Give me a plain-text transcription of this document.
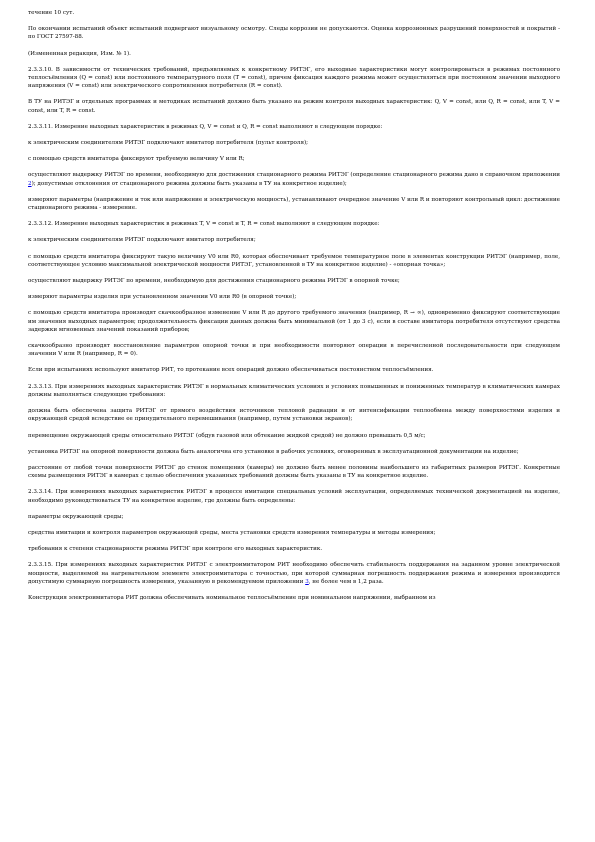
течение 10 сут.

По окончании испытаний объект испытаний подвергают визуальному осмотру. Следы коррозии не допускаются. Оценка коррозионных разрушений поверхностей и покрытий - по ГОСТ 27597-88.

(Измененная редакция, Изм. № 1).

2.3.3.10. В зависимости от технических требований, предъявляемых к конкретному РИТЭГ, его выходные характеристики могут контролироваться в режимах постоянного теплосъёмления (Q = const) или постоянного температурного поля (T = const), причем фиксация каждого режима может осуществляться при постоянном значении выходного напряжения (V = const) или электрического сопротивления потребителя (R = const).

В ТУ на РИТЭГ и отдельных программах и методиках испытаний должно быть указано на режим контроля выходных характеристик: Q, V = const, или Q, R = const, или T, V = const, или T, R = const.

2.3.3.11. Измерение выходных характеристик в режимах Q, V = const и Q, R = const выполняют в следующем порядке:

к электрическим соединителям РИТЭГ подключают имитатор потребителя (пульт контроля);

с помощью средств имитатора фиксируют требуемую величину V или R;

осуществляют выдержку РИТЭГ по времени, необходимую для достижения стационарного режима РИТЭГ (определение стационарного режима дано в справочном приложении 2); допустимые отклонения от стационарного режима должны быть указаны в ТУ на конкретное изделие);

измеряют параметры (напряжение и ток или напряжение и электрическую мощность), устанавливают очередное значение V или R и повторяют контрольный цикл: достижение стационарного режима - измерение.

2.3.3.12. Измерение выходных характеристик в режимах T, V = const и T, R = const выполняют в следующем порядке:

к электрическим соединителям РИТЭГ подключают имитатор потребителя;

с помощью средств имитатора фиксируют такую величину V0 или R0, которая обеспечивает требуемое температурное поле в элементах конструкции РИТЭГ (например, поле, соответствующее условию максимальной электрической мощности РИТЭГ, установленной в ТУ на конкретное изделие) - «опорная точка»;

осуществляют выдержку РИТЭГ по времени, необходимую для достижения стационарного режима РИТЭГ в опорной точке;

измеряют параметры изделия при установленном значении V0 или R0 (в опорной точке);

с помощью средств имитатора производят скачкообразное изменение V или R до другого требуемого значения (например, R → ∞), одновременно фиксируют соответствующие им значения выходных параметров; продолжительность фиксации данных должна быть минимальной (от 1 до 3 с), если в составе имитатора потребителя отсутствуют средства задержки мгновенных значений показаний приборов;

скачкообразно производят восстановление параметров опорной точки и при необходимости повторяют операции в перечисленной последовательности при следующем значении V или R (например, R = 0).

Если при испытаниях используют имитатор РИТ, то протекание всех операций должно обеспечиваться постоянством теплосъёмления.

2.3.3.13. При измерениях выходных характеристик РИТЭГ в нормальных климатических условиях и условиях повышенных и пониженных температур в климатических камерах должны выполняться следующие требования:

должна быть обеспечена защита РИТЭГ от прямого воздействия источников тепловой радиации и от интенсификации теплообмена между поверхностями изделия и окружающей средой вследствие ее принудительного перемешивания (например, путем установки экранов);

перемещение окружающей среды относительно РИТЭГ (обдув газовой или обтекание жидкой средой) не должно превышать 0,5 м/с;

установка РИТЭГ на опорной поверхности должна быть аналогична его установке в рабочих условиях, оговоренных в эксплуатационной документации на изделие;

расстояние от любой точки поверхности РИТЭГ до стенок помещения (камеры) не должно быть менее половины наибольшего из габаритных размеров РИТЭГ. Конкретные схемы размещения РИТЭГ в камерах с целью обеспечения указанных требований должны быть указаны в ТУ на конкретное изделие.

2.3.3.14. При измерениях выходных характеристик РИТЭГ в процессе имитации специальных условий эксплуатации, определяемых технической документацией на изделие, необходимо руководствоваться ТУ на конкретное изделие, где должны быть определены:

параметры окружающей среды;

средства имитации и контроля параметров окружающей среды, места установки средств измерения температуры и методы измерения;

требования к степени стационарности режима РИТЭГ при контроле его выходных характеристик.

2.3.3.15. При измерениях выходных характеристик РИТЭГ с электроимитатором РИТ необходимо обеспечить стабильность поддержания на заданном уровне электрической мощности, выделяемой на нагревательном элементе электроимитатора с точностью, при которой суммарная погрешность поддержания режима и измерения производится допустимую суммарную погрешность измерения, указанную в рекомендуемом приложении 3, не более чем в 1,2 раза.

Конструкция электроимитатора РИТ должна обеспечивать номинальное теплосъёмление при номинальном напряжении, выбранном из
